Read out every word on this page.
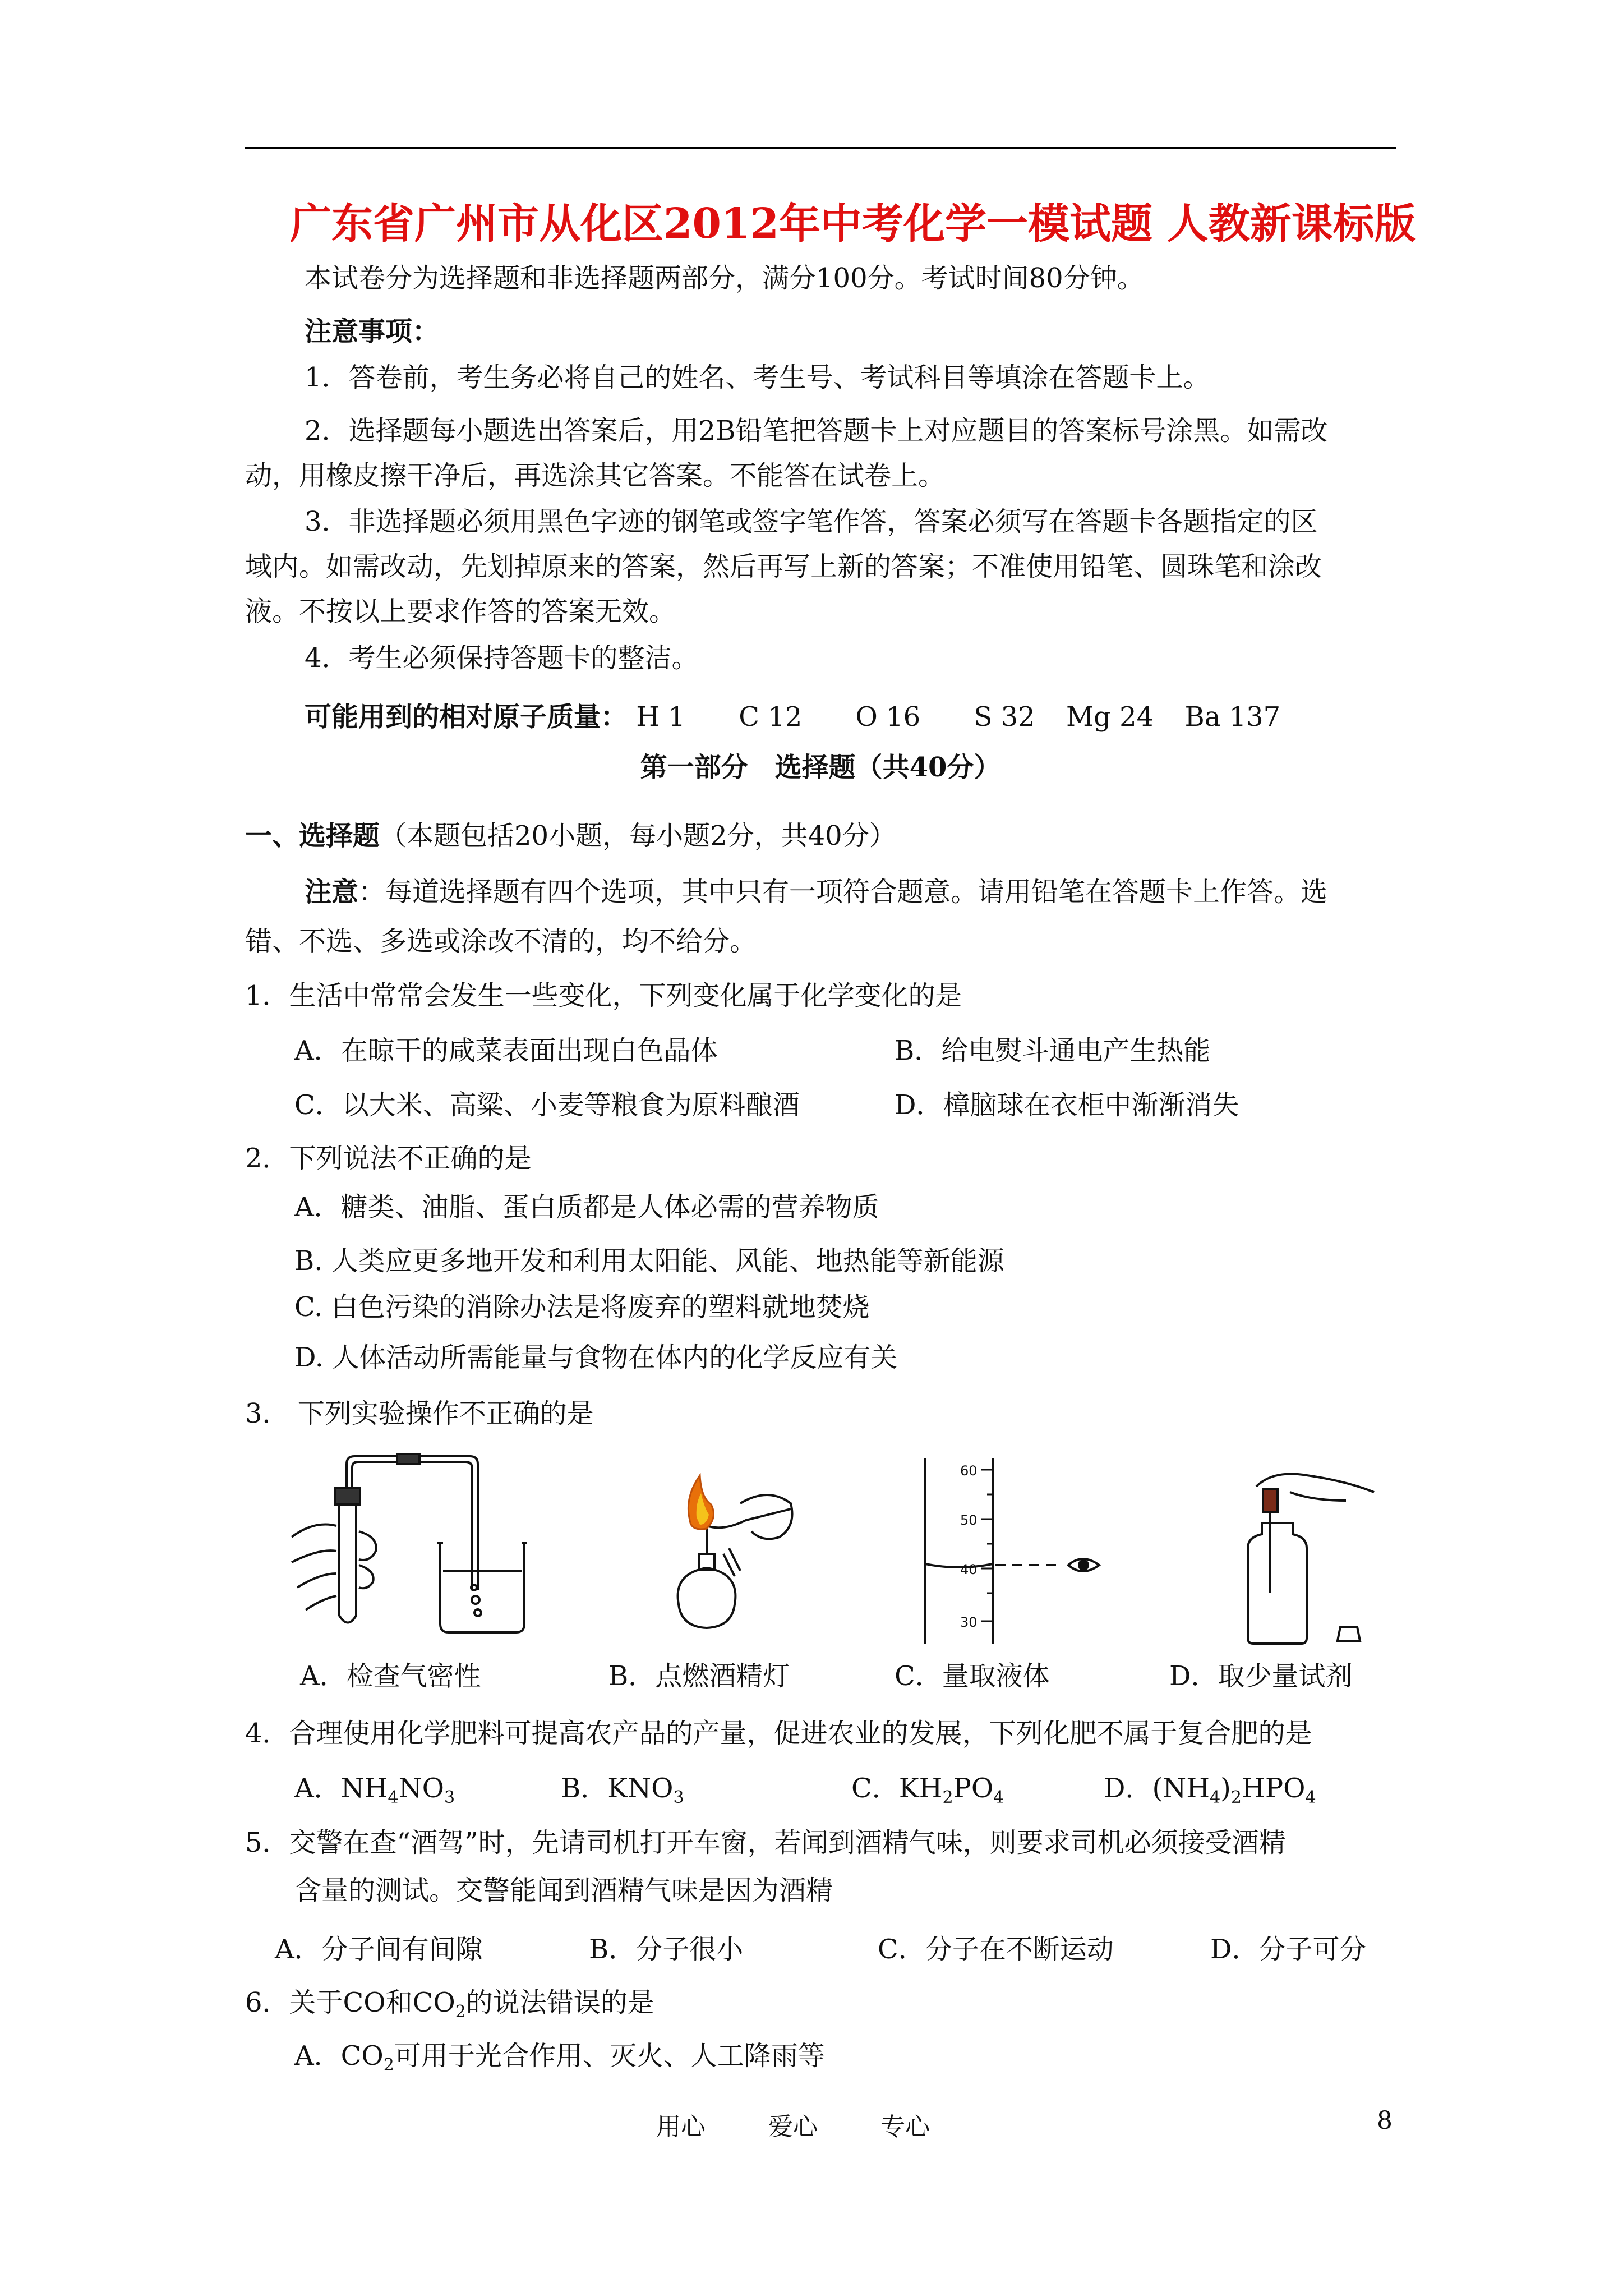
广东省广州市从化区2012年中考化学一模试题 人教新课标版
本试卷分为选择题和非选择题两部分，满分100分。考试时间80分钟。
注意事项：
1．答卷前，考生务必将自己的姓名、考生号、考试科目等填涂在答题卡上。
2．选择题每小题选出答案后，用2B铅笔把答题卡上对应题目的答案标号涂黑。如需改
动，用橡皮擦干净后，再选涂其它答案。不能答在试卷上。
3．非选择题必须用黑色字迹的钢笔或签字笔作答，答案必须写在答题卡各题指定的区
域内。如需改动，先划掉原来的答案，然后再写上新的答案；不准使用铅笔、圆珠笔和涂改
液。不按以上要求作答的答案无效。
4．考生必须保持答题卡的整洁。
可能用到的相对原子质量： H 1 C 12 O 16 S 32 Mg 24 Ba 137
第一部分　选择题（共40分）
一、选择题（本题包括20小题，每小题2分，共40分）
注意：每道选择题有四个选项，其中只有一项符合题意。请用铅笔在答题卡上作答。选
错、不选、多选或涂改不清的，均不给分。
1．生活中常常会发生一些变化，下列变化属于化学变化的是
A．在晾干的咸菜表面出现白色晶体	B．给电熨斗通电产生热能
C．以大米、高粱、小麦等粮食为原料酿酒	D．樟脑球在衣柜中渐渐消失
2．下列说法不正确的是
A．糖类、油脂、蛋白质都是人体必需的营养物质
B. 人类应更多地开发和利用太阳能、风能、地热能等新能源
C. 白色污染的消除办法是将废弃的塑料就地焚烧
D. 人体活动所需能量与食物在体内的化学反应有关
3． 下列实验操作不正确的是
60
50
40
30
A．检查气密性	B．点燃酒精灯	C．量取液体	D．取少量试剂
4．合理使用化学肥料可提高农产品的产量，促进农业的发展，下列化肥不属于复合肥的是
A．$NH_4NO_3$	B．$KNO_3$	C．$KH_2PO_4$	D．$(NH_4)_2HPO_4$
5．交警在查“酒驾”时，先请司机打开车窗，若闻到酒精气味，则要求司机必须接受酒精
含量的测试。交警能闻到酒精气味是因为酒精
A．分子间有间隙	B．分子很小	C．分子在不断运动	D．分子可分
6．关于CO和$CO_2$的说法错误的是
A．$CO_2$可用于光合作用、灭火、人工降雨等
用心	爱心	专心	8
